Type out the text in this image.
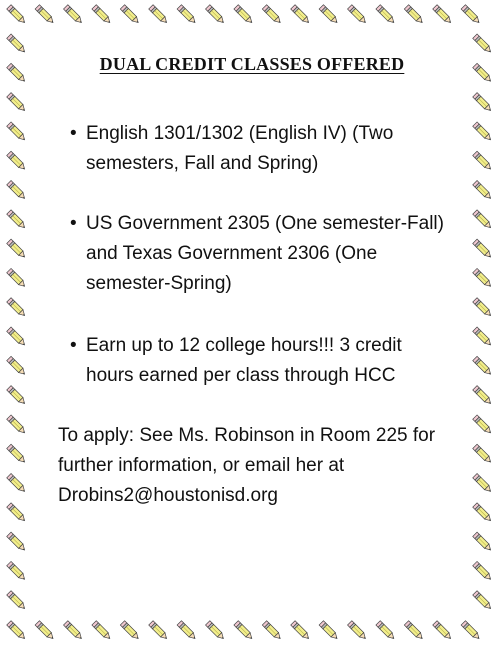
DUAL CREDIT CLASSES OFFERED
• English 1301/1302 (English IV) (Two semesters, Fall and Spring)
• US Government 2305 (One semester-Fall) and Texas Government 2306 (One semester-Spring)
• Earn up to 12 college hours!!! 3 credit hours earned per class through HCC

To apply: See Ms. Robinson in Room 225 for further information, or email her at Drobins2@houstonisd.org
